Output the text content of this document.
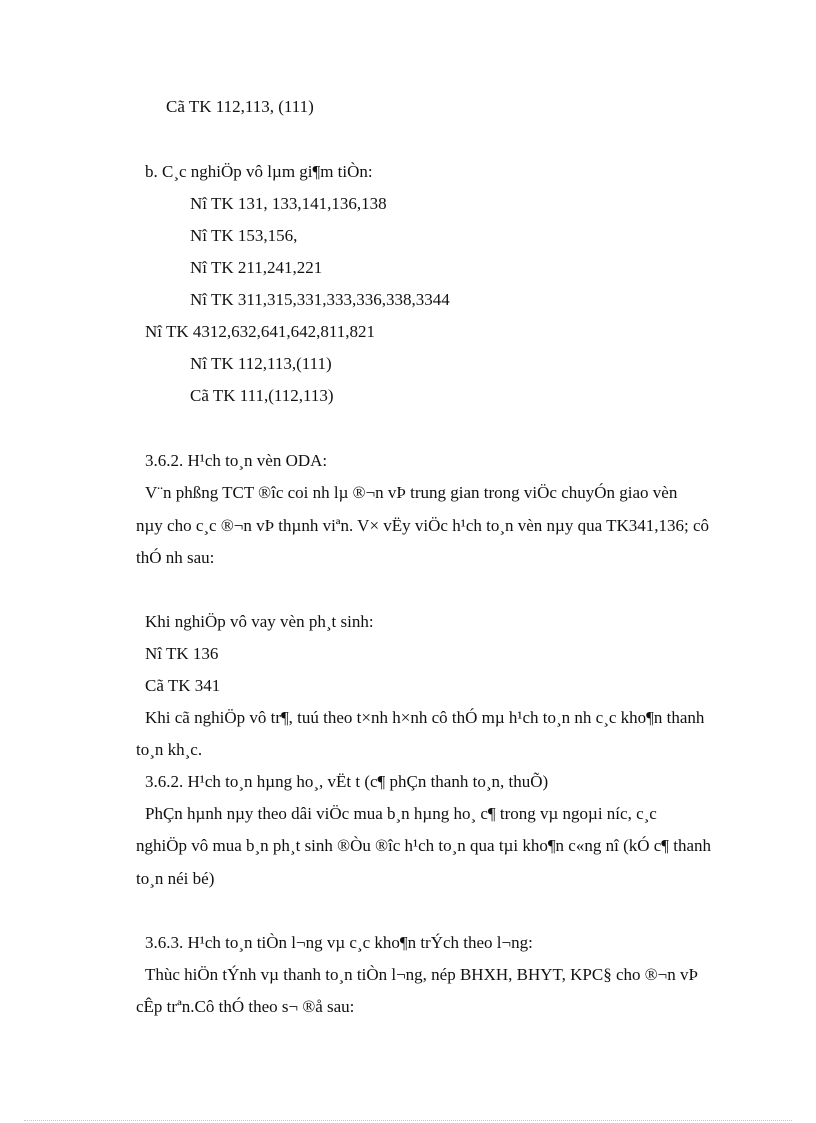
Cã TK 112,113, (111)
b. C¸c nghiÖp vô lµm gi¶m tiÒn:
Nî TK 131, 133,141,136,138
Nî TK 153,156,
Nî TK 211,241,221
Nî TK 311,315,331,333,336,338,3344
Nî TK 4312,632,641,642,811,821
Nî TK 112,113,(111)
Cã TK 111,(112,113)
3.6.2. H¹ch to¸n vèn ODA:
V¨n phßng TCT ®îc coi nh lµ ®¬n vÞ trung gian trong viÖc chuyÓn giao vèn
nµy cho c¸c ®¬n vÞ thµnh viªn. V× vËy viÖc h¹ch to¸n vèn nµy qua TK341,136; cô
thÓ nh sau:
Khi nghiÖp vô vay vèn ph¸t sinh:
Nî TK 136
Cã TK 341
Khi cã nghiÖp vô tr¶, tuú theo t×nh h×nh cô thÓ mµ h¹ch to¸n nh c¸c kho¶n thanh
to¸n kh¸c.
3.6.2. H¹ch to¸n hµng ho¸, vËt t (c¶ phÇn thanh to¸n, thuÕ)
PhÇn hµnh nµy theo dâi viÖc mua b¸n hµng ho¸ c¶ trong vµ ngoµi níc, c¸c
nghiÖp vô mua b¸n ph¸t sinh ®Òu ®îc h¹ch to¸n qua tµi kho¶n c«ng nî (kÓ c¶ thanh
to¸n néi bé)
3.6.3. H¹ch to¸n tiÒn l¬ng vµ c¸c kho¶n trÝch theo l¬ng:
Thùc hiÖn tÝnh vµ thanh to¸n tiÒn l¬ng, nép BHXH, BHYT, KPC§ cho ®¬n vÞ
cÊp trªn.Cô thÓ theo s¬ ®å sau:
